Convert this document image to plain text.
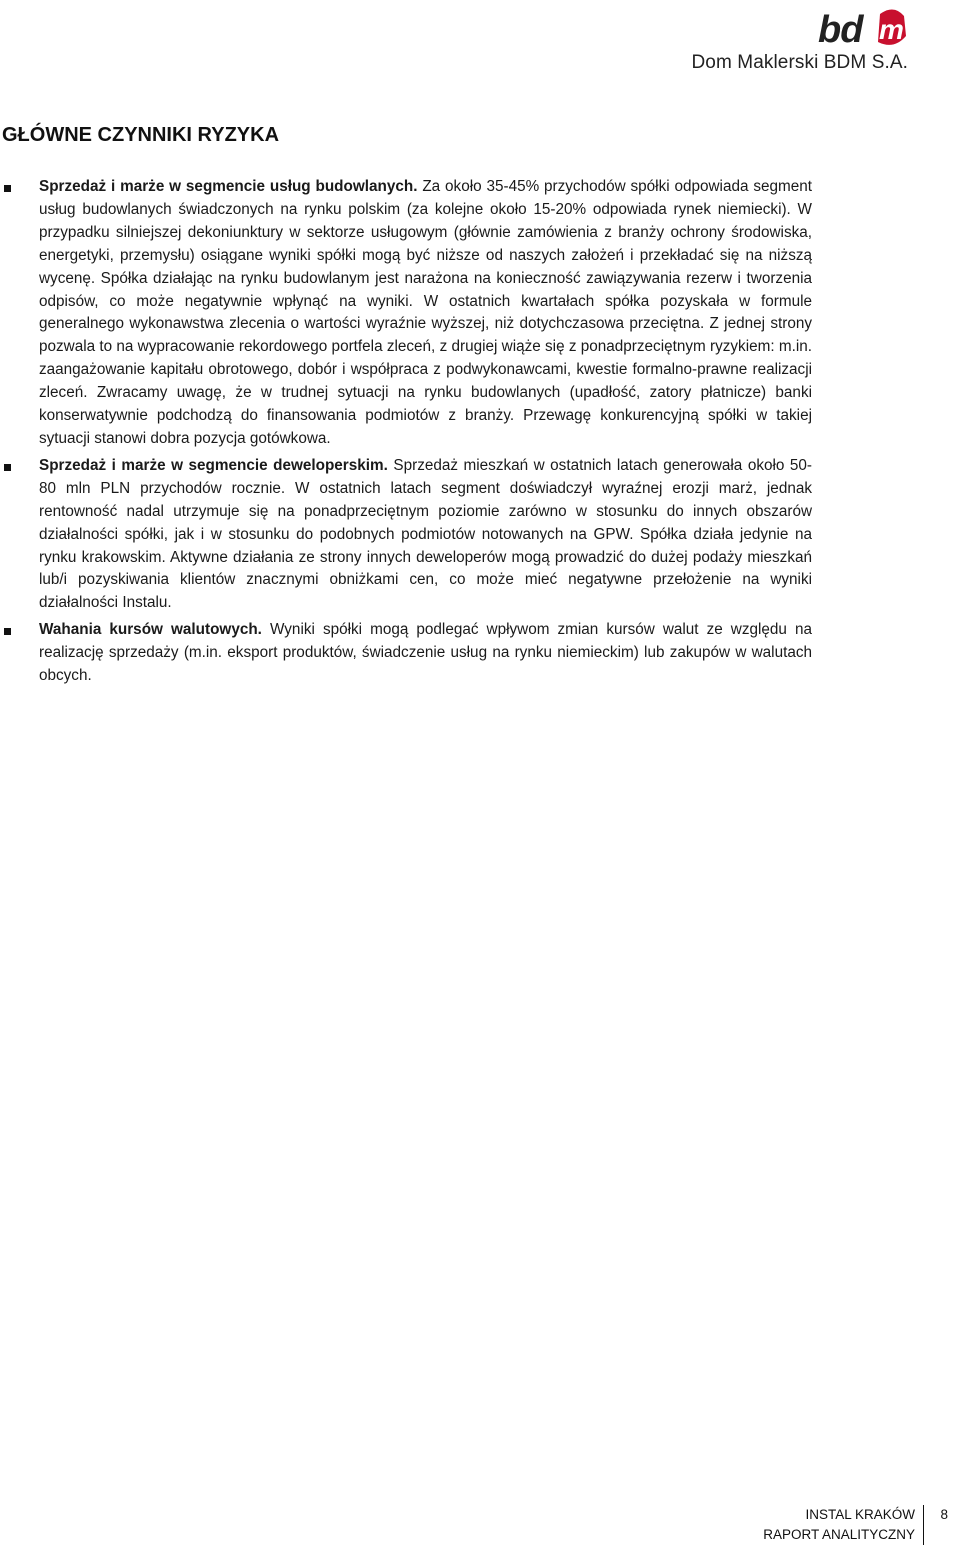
bd m
Dom Maklerski BDM S.A.
GŁÓWNE CZYNNIKI RYZYKA

Sprzedaż i marże w segmencie usług budowlanych. Za około 35-45% przychodów spółki odpowiada segment usług budowlanych świadczonych na rynku polskim (za kolejne około 15-20% odpowiada rynek niemiecki). W przypadku silniejszej dekoniunktury w sektorze usługowym (głównie zamówienia z branży ochrony środowiska, energetyki, przemysłu) osiągane wyniki spółki mogą być niższe od naszych założeń i przekładać się na niższą wycenę. Spółka działając na rynku budowlanym jest narażona na konieczność zawiązywania rezerw i tworzenia odpisów, co może negatywnie wpłynąć na wyniki. W ostatnich kwartałach spółka pozyskała w formule generalnego wykonawstwa zlecenia o wartości wyraźnie wyższej, niż dotychczasowa przeciętna. Z jednej strony pozwala to na wypracowanie rekordowego portfela zleceń, z drugiej wiąże się z ponadprzeciętnym ryzykiem: m.in. zaangażowanie kapitału obrotowego, dobór i współpraca z podwykonawcami, kwestie formalno-prawne realizacji zleceń. Zwracamy uwagę, że w trudnej sytuacji na rynku budowlanych (upadłość, zatory płatnicze) banki konserwatywnie podchodzą do finansowania podmiotów z branży. Przewagę konkurencyjną spółki w takiej sytuacji stanowi dobra pozycja gotówkowa.

Sprzedaż i marże w segmencie deweloperskim. Sprzedaż mieszkań w ostatnich latach generowała około 50-80 mln PLN przychodów rocznie. W ostatnich latach segment doświadczył wyraźnej erozji marż, jednak rentowność nadal utrzymuje się na ponadprzeciętnym poziomie zarówno w stosunku do innych obszarów działalności spółki, jak i w stosunku do podobnych podmiotów notowanych na GPW. Spółka działa jedynie na rynku krakowskim. Aktywne działania ze strony innych deweloperów mogą prowadzić do dużej podaży mieszkań lub/i pozyskiwania klientów znacznymi obniżkami cen, co może mieć negatywne przełożenie na wyniki działalności Instalu.

Wahania kursów walutowych. Wyniki spółki mogą podlegać wpływom zmian kursów walut ze względu na realizację sprzedaży (m.in. eksport produktów, świadczenie usług na rynku niemieckim) lub zakupów w walutach obcych.

INSTAL KRAKÓW
RAPORT ANALITYCZNY
8
